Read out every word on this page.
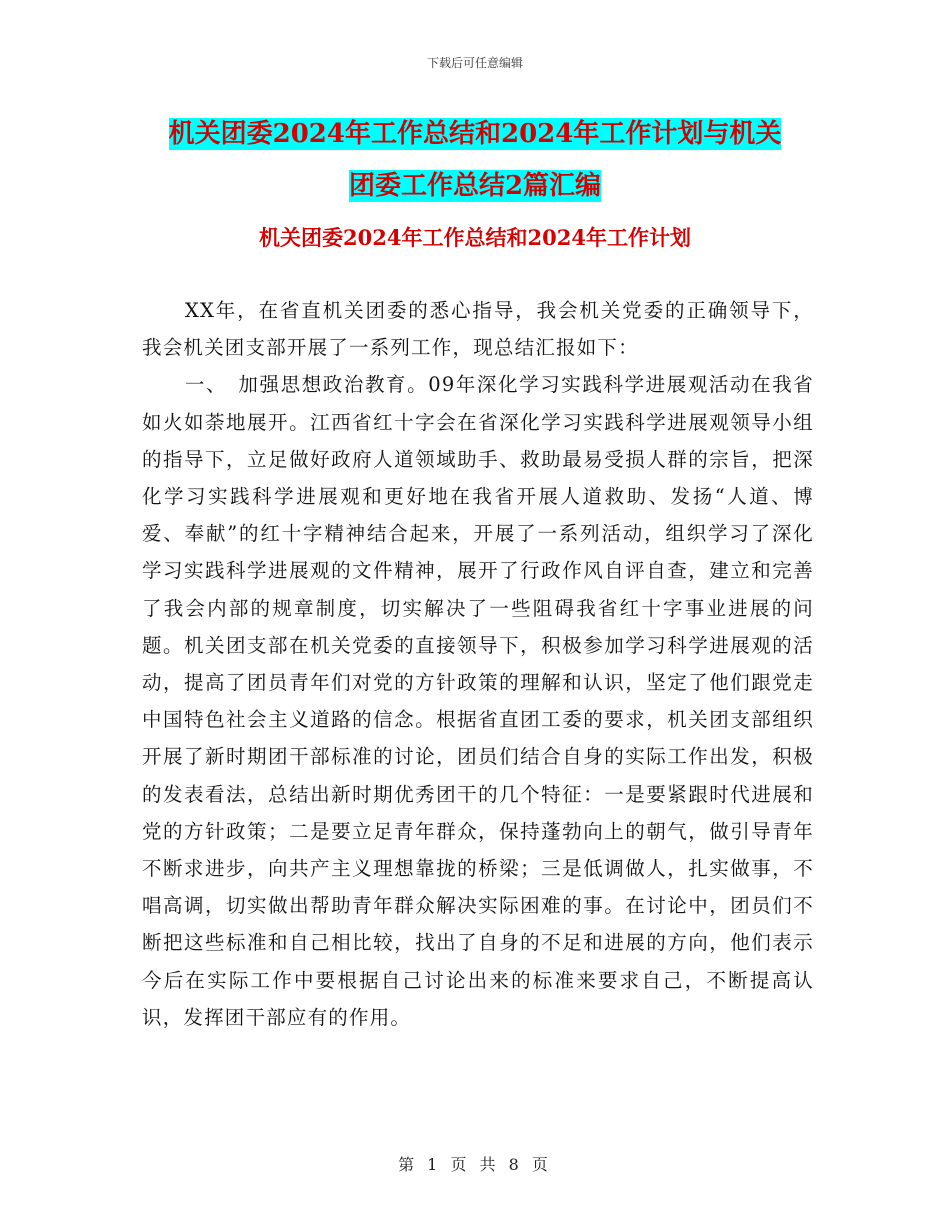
下载后可任意编辑
机关团委2024年工作总结和2024年工作计划与机关
团委工作总结2篇汇编
机关团委2024年工作总结和2024年工作计划

XX年，在省直机关团委的悉心指导，我会机关党委的正确领导下，我会机关团支部开展了一系列工作，现总结汇报如下：

一、　加强思想政治教育。09年深化学习实践科学进展观活动在我省如火如荼地展开。江西省红十字会在省深化学习实践科学进展观领导小组的指导下，立足做好政府人道领域助手、救助最易受损人群的宗旨，把深化学习实践科学进展观和更好地在我省开展人道救助、发扬“人道、博爱、奉献”的红十字精神结合起来，开展了一系列活动，组织学习了深化学习实践科学进展观的文件精神，展开了行政作风自评自查，建立和完善了我会内部的规章制度，切实解决了一些阻碍我省红十字事业进展的问题。机关团支部在机关党委的直接领导下，积极参加学习科学进展观的活动，提高了团员青年们对党的方针政策的理解和认识，坚定了他们跟党走中国特色社会主义道路的信念。根据省直团工委的要求，机关团支部组织开展了新时期团干部标准的讨论，团员们结合自身的实际工作出发，积极的发表看法，总结出新时期优秀团干的几个特征：一是要紧跟时代进展和党的方针政策；二是要立足青年群众，保持蓬勃向上的朝气，做引导青年不断求进步，向共产主义理想靠拢的桥梁；三是低调做人，扎实做事，不唱高调，切实做出帮助青年群众解决实际困难的事。在讨论中，团员们不断把这些标准和自己相比较，找出了自身的不足和进展的方向，他们表示今后在实际工作中要根据自己讨论出来的标准来要求自己，不断提高认识，发挥团干部应有的作用。

第 1 页 共 8 页
